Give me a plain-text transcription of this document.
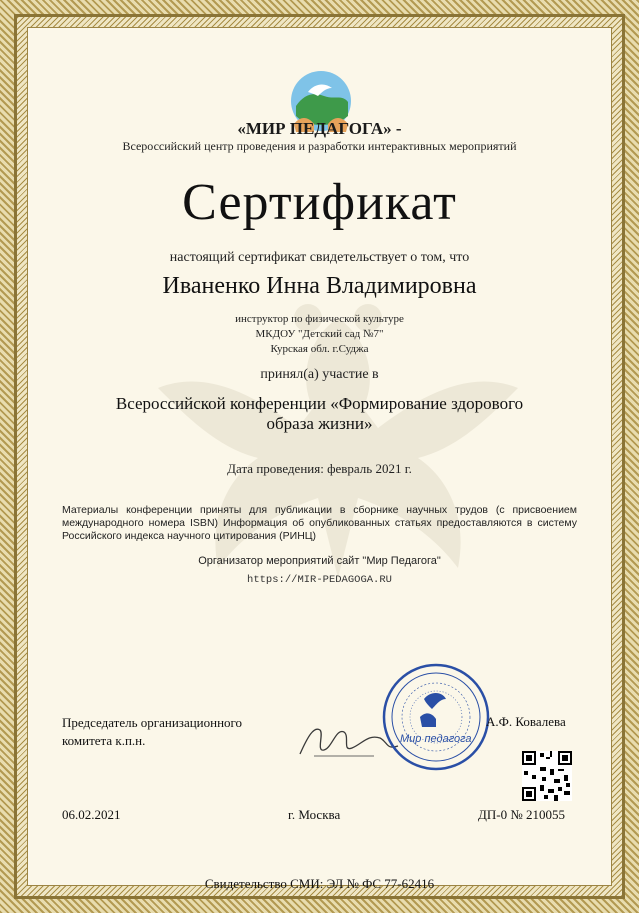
«МИР ПЕДАГОГА» -
Всероссийский центр проведения и разработки интерактивных мероприятий
Сертификат
настоящий сертификат свидетельствует о том, что
Иваненко Инна Владимировна
инструктор по физической культуре
МКДОУ "Детский сад №7"
Курская обл. г.Суджа
принял(а) участие в
Всероссийской конференции «Формирование здорового
образа жизни»
Дата проведения: февраль 2021 г.
Материалы конференции приняты для публикации в сборнике научных трудов (с присвоением международного номера ISBN) Информация об опубликованных статьях предоставляются в систему Российского индекса научного цитирования (РИНЦ)
Организатор мероприятий сайт "Мир Педагога"
https://MIR-PEDAGOGA.RU
Председатель организационного
комитета к.п.н.	Мир педагога
А.Ф. Ковалева
06.02.2021	г. Москва	ДП-0 № 210055
Свидетельство СМИ: ЭЛ № ФС 77-62416
